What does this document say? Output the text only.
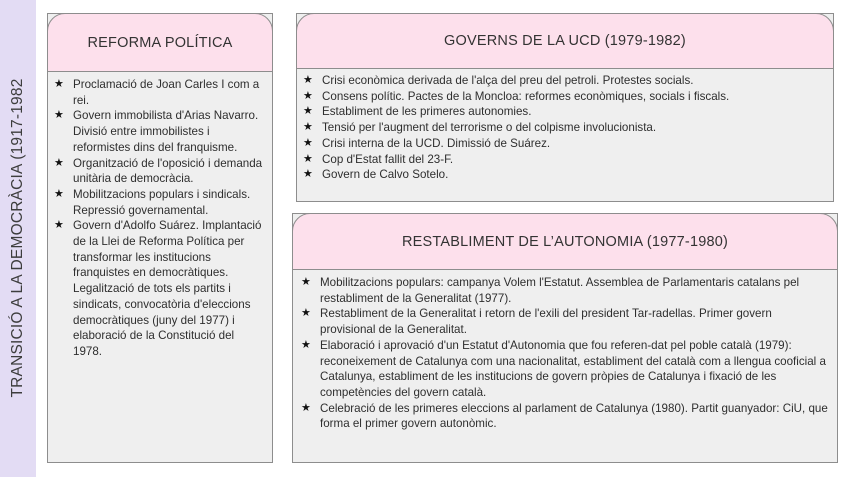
TRANSICIÓ A LA DEMOCRÀCIA (1917-1982
REFORMA POLÍTICA
★ Proclamació de Joan Carles I com a rei.
★ Govern immobilista d'Arias Navarro. Divisió entre immobilistes i reformistes dins del franquisme.
★ Organització de l'oposició i demanda unitària de democràcia.
★ Mobilitzacions populars i sindicals. Repressió governamental.
★ Govern d'Adolfo Suárez. Implantació de la Llei de Reforma Política per transformar les institucions franquistes en democràtiques. Legalització de tots els partits i sindicats, convocatòria d'eleccions democràtiques (juny del 1977) i elaboració de la Constitució del 1978.
GOVERNS DE LA UCD (1979-1982)
★ Crisi econòmica derivada de l'alça del preu del petroli. Protestes socials.
★ Consens polític. Pactes de la Moncloa: reformes econòmiques, socials i fiscals.
★ Establiment de les primeres autonomies.
★ Tensió per l'augment del terrorisme o del colpisme involucionista.
★ Crisi interna de la UCD. Dimissió de Suárez.
★ Cop d'Estat fallit del 23-F.
★ Govern de Calvo Sotelo.
RESTABLIMENT DE L’AUTONOMIA (1977-1980)
★ Mobilitzacions populars: campanya Volem l'Estatut. Assemblea de Parlamentaris catalans pel restabliment de la Generalitat (1977).
★ Restabliment de la Generalitat i retorn de l'exili del president Tar-radellas. Primer govern provisional de la Generalitat.
★ Elaboració i aprovació d'un Estatut d'Autonomia que fou referen-dat pel poble català (1979): reconeixement de Catalunya com una nacionalitat, establiment del català com a llengua cooficial a Catalunya, establiment de les institucions de govern pròpies de Catalunya i fixació de les competències del govern català.
★ Celebració de les primeres eleccions al parlament de Catalunya (1980). Partit guanyador: CiU, que forma el primer govern autonòmic.
